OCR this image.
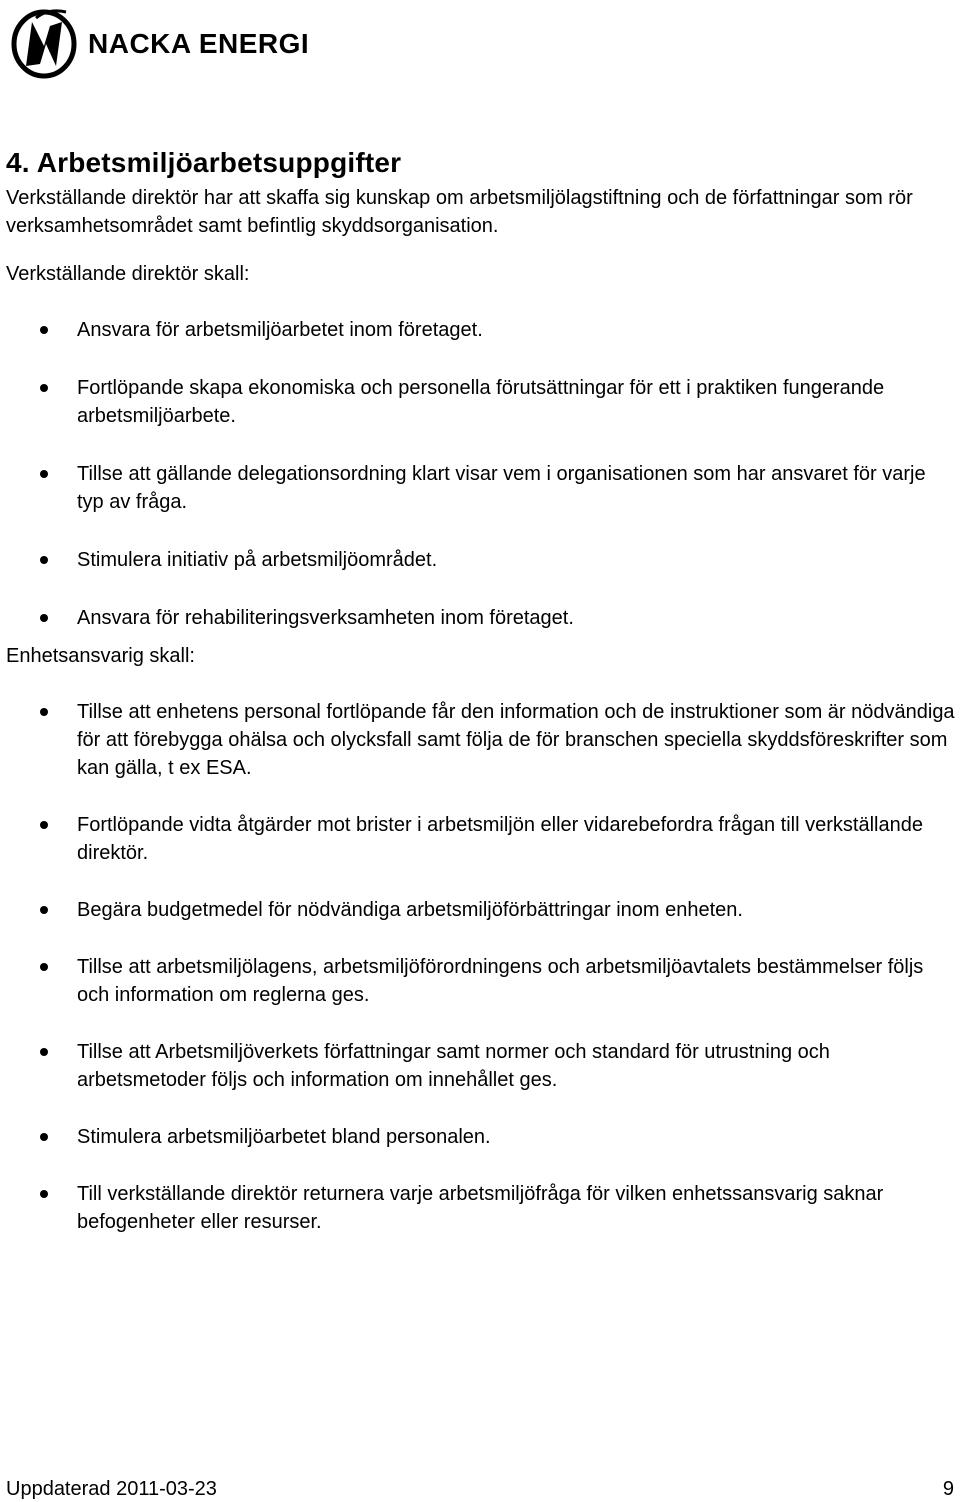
NACKA ENERGI
4. Arbetsmiljöarbetsuppgifter

Verkställande direktör har att skaffa sig kunskap om arbetsmiljölagstiftning och de författningar som rör verksamhetsområdet samt befintlig skyddsorganisation.

Verkställande direktör skall:

Ansvara för arbetsmiljöarbetet inom företaget.
Fortlöpande skapa ekonomiska och personella förutsättningar för ett i praktiken fungerande arbetsmiljöarbete.
Tillse att gällande delegationsordning klart visar vem i organisationen som har ansvaret för varje typ av fråga.
Stimulera initiativ på arbetsmiljöområdet.
Ansvara för rehabiliteringsverksamheten inom företaget.

Enhetsansvarig skall:

Tillse att enhetens personal fortlöpande får den information och de instruktioner som är nödvändiga för att förebygga ohälsa och olycksfall samt följa de för branschen speciella skyddsföreskrifter som kan gälla, t ex ESA.
Fortlöpande vidta åtgärder mot brister i arbetsmiljön eller vidarebefordra frågan till verkställande direktör.
Begära budgetmedel för nödvändiga arbetsmiljöförbättringar inom enheten.
Tillse att arbetsmiljölagens, arbetsmiljöförordningens och arbetsmiljöavtalets bestämmelser följs och information om reglerna ges.
Tillse att Arbetsmiljöverkets författningar samt normer och standard för utrustning och arbetsmetoder följs och information om innehållet ges.
Stimulera arbetsmiljöarbetet bland personalen.
Till verkställande direktör returnera varje arbetsmiljöfråga för vilken enhetssansvarig saknar befogenheter eller resurser.
Uppdaterad 2011-03-23	9
